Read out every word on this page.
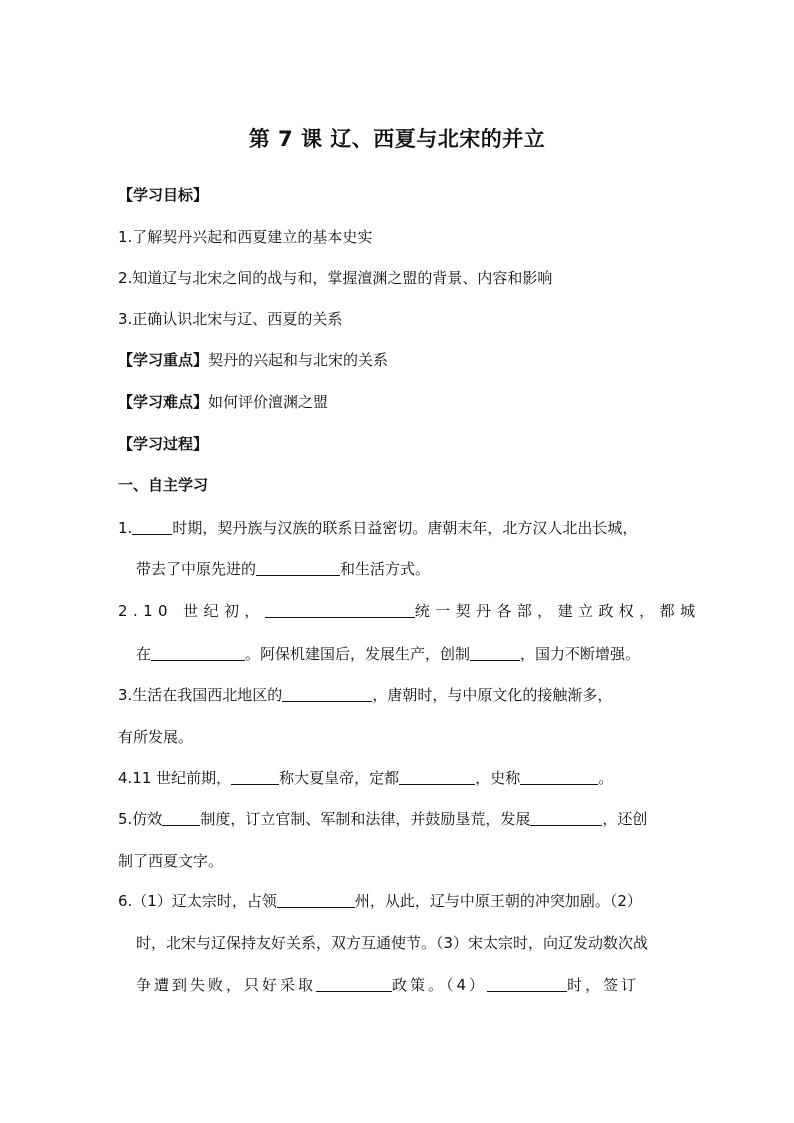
第 7 课 辽、西夏与北宋的并立
【学习目标】
1.了解契丹兴起和西夏建立的基本史实
2.知道辽与北宋之间的战与和，掌握澶渊之盟的背景、内容和影响
3.正确认识北宋与辽、西夏的关系
【学习重点】契丹的兴起和与北宋的关系
【学习难点】如何评价澶渊之盟
【学习过程】
一、自主学习
1.	时期，契丹族与汉族的联系日益密切。唐朝末年，北方汉人北出长城，
带去了中原先进的	和生活方式。
2.10 世纪初，	统一契丹各部，建立政权，都城
在	。阿保机建国后，发展生产，创制	，国力不断增强。
3.生活在我国西北地区的	，唐朝时，与中原文化的接触渐多，
有所发展。
4.11 世纪前期，	称大夏皇帝，定都	，史称	。
5.仿效	制度，订立官制、军制和法律，并鼓励垦荒，发展	，还创
制了西夏文字。
6.（1）辽太宗时，占领	州，从此，辽与中原王朝的冲突加剧。（2）
时，北宋与辽保持友好关系，双方互通使节。（3）宋太宗时，向辽发动数次战
争遭到失败，只好采取	政策。（4）	时，签订
